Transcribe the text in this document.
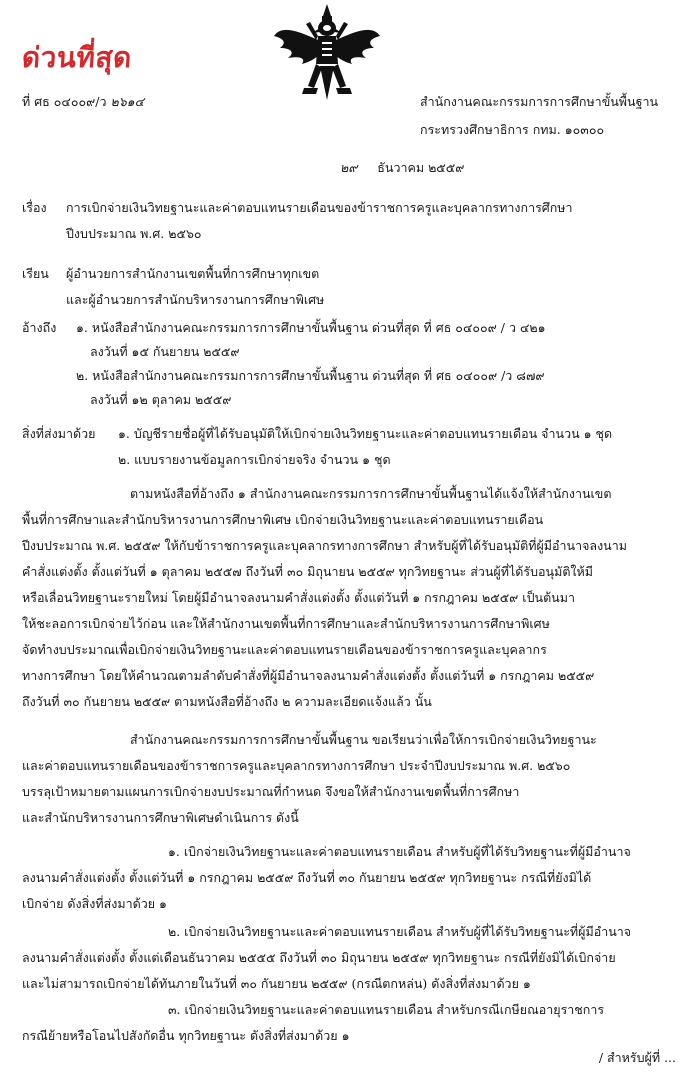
ด่วนที่สุด
ที่ ศธ ๐๔๐๐๙/ว ๒๖๑๔	สำนักงานคณะกรรมการการศึกษาขั้นพื้นฐาน
กระทรวงศึกษาธิการ กทม. ๑๐๓๐๐
๒๙ ธันวาคม ๒๕๕๙
เรื่อง การเบิกจ่ายเงินวิทยฐานะและค่าตอบแทนรายเดือนของข้าราชการครูและบุคลากรทางการศึกษา
ปีงบประมาณ พ.ศ. ๒๕๖๐
เรียน ผู้อำนวยการสำนักงานเขตพื้นที่การศึกษาทุกเขต
และผู้อำนวยการสำนักบริหารงานการศึกษาพิเศษ
อ้างถึง ๑. หนังสือสำนักงานคณะกรรมการการศึกษาขั้นพื้นฐาน ด่วนที่สุด ที่ ศธ ๐๔๐๐๙ / ว ๔๒๑
ลงวันที่ ๑๕ กันยายน ๒๕๕๙
๒. หนังสือสำนักงานคณะกรรมการการศึกษาขั้นพื้นฐาน ด่วนที่สุด ที่ ศธ ๐๔๐๐๙ /ว ๘๗๙
ลงวันที่ ๑๒ ตุลาคม ๒๕๕๙
สิ่งที่ส่งมาด้วย ๑. บัญชีรายชื่อผู้ที่ได้รับอนุมัติให้เบิกจ่ายเงินวิทยฐานะและค่าตอบแทนรายเดือน จำนวน ๑ ชุด
๒. แบบรายงานข้อมูลการเบิกจ่ายจริง จำนวน ๑ ชุด
ตามหนังสือที่อ้างถึง ๑ สำนักงานคณะกรรมการการศึกษาขั้นพื้นฐานได้แจ้งให้สำนักงานเขต
พื้นที่การศึกษาและสำนักบริหารงานการศึกษาพิเศษ เบิกจ่ายเงินวิทยฐานะและค่าตอบแทนรายเดือน
ปีงบประมาณ พ.ศ. ๒๕๕๙ ให้กับข้าราชการครูและบุคลากรทางการศึกษา สำหรับผู้ที่ได้รับอนุมัติที่ผู้มีอำนาจลงนาม
คำสั่งแต่งตั้ง ตั้งแต่วันที่ ๑ ตุลาคม ๒๕๕๗ ถึงวันที่ ๓๐ มิถุนายน ๒๕๕๙ ทุกวิทยฐานะ ส่วนผู้ที่ได้รับอนุมัติให้มี
หรือเลื่อนวิทยฐานะรายใหม่ โดยผู้มีอำนาจลงนามคำสั่งแต่งตั้ง ตั้งแต่วันที่ ๑ กรกฎาคม ๒๕๕๙ เป็นต้นมา
ให้ชะลอการเบิกจ่ายไว้ก่อน และให้สำนักงานเขตพื้นที่การศึกษาและสำนักบริหารงานการศึกษาพิเศษ
จัดทำงบประมาณเพื่อเบิกจ่ายเงินวิทยฐานะและค่าตอบแทนรายเดือนของข้าราชการครูและบุคลากร
ทางการศึกษา โดยให้คำนวณตามลำดับคำสั่งที่ผู้มีอำนาจลงนามคำสั่งแต่งตั้ง ตั้งแต่วันที่ ๑ กรกฎาคม ๒๕๕๙
ถึงวันที่ ๓๐ กันยายน ๒๕๕๙ ตามหนังสือที่อ้างถึง ๒ ความละเอียดแจ้งแล้ว นั้น
สำนักงานคณะกรรมการการศึกษาขั้นพื้นฐาน ขอเรียนว่าเพื่อให้การเบิกจ่ายเงินวิทยฐานะ
และค่าตอบแทนรายเดือนของข้าราชการครูและบุคลากรทางการศึกษา ประจำปีงบประมาณ พ.ศ. ๒๕๖๐
บรรลุเป้าหมายตามแผนการเบิกจ่ายงบประมาณที่กำหนด จึงขอให้สำนักงานเขตพื้นที่การศึกษา
และสำนักบริหารงานการศึกษาพิเศษดำเนินการ ดังนี้
๑. เบิกจ่ายเงินวิทยฐานะและค่าตอบแทนรายเดือน สำหรับผู้ที่ได้รับวิทยฐานะที่ผู้มีอำนาจ
ลงนามคำสั่งแต่งตั้ง ตั้งแต่วันที่ ๑ กรกฎาคม ๒๕๕๙ ถึงวันที่ ๓๐ กันยายน ๒๕๕๙ ทุกวิทยฐานะ กรณีที่ยังมิได้
เบิกจ่าย ดังสิ่งที่ส่งมาด้วย ๑
๒. เบิกจ่ายเงินวิทยฐานะและค่าตอบแทนรายเดือน สำหรับผู้ที่ได้รับวิทยฐานะที่ผู้มีอำนาจ
ลงนามคำสั่งแต่งตั้ง ตั้งแต่เดือนธันวาคม ๒๕๕๕ ถึงวันที่ ๓๐ มิถุนายน ๒๕๕๙ ทุกวิทยฐานะ กรณีที่ยังมิได้เบิกจ่าย
และไม่สามารถเบิกจ่ายได้ทันภายในวันที่ ๓๐ กันยายน ๒๕๕๙ (กรณีตกหล่น) ดังสิ่งที่ส่งมาด้วย ๑
๓. เบิกจ่ายเงินวิทยฐานะและค่าตอบแทนรายเดือน สำหรับกรณีเกษียณอายุราชการ
กรณีย้ายหรือโอนไปสังกัดอื่น ทุกวิทยฐานะ ดังสิ่งที่ส่งมาด้วย ๑
/ สำหรับผู้ที่ ...
